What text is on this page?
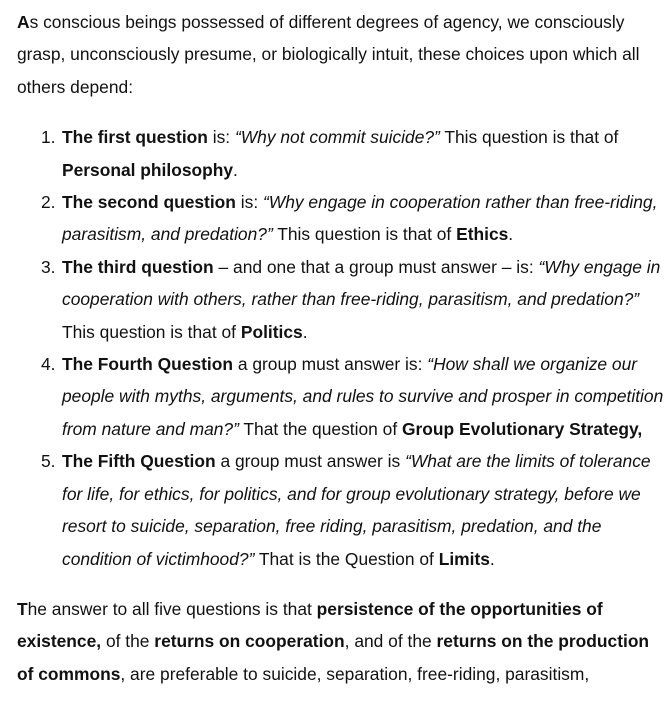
As conscious beings possessed of different degrees of agency, we consciously grasp, unconsciously presume, or biologically intuit, these choices upon which all others depend:

1. The first question is: “Why not commit suicide?” This question is that of Personal philosophy.
2. The second question is: “Why engage in cooperation rather than free-riding, parasitism, and predation?” This question is that of Ethics.
3. The third question – and one that a group must answer – is: “Why engage in cooperation with others, rather than free-riding, parasitism, and predation?” This question is that of Politics.
4. The Fourth Question a group must answer is: “How shall we organize our people with myths, arguments, and rules to survive and prosper in competition from nature and man?” That the question of Group Evolutionary Strategy,
5. The Fifth Question a group must answer is “What are the limits of tolerance for life, for ethics, for politics, and for group evolutionary strategy, before we resort to suicide, separation, free riding, parasitism, predation, and the condition of victimhood?” That is the Question of Limits.

The answer to all five questions is that persistence of the opportunities of existence, of the returns on cooperation, and of the returns on the production of commons, are preferable to suicide, separation, free-riding, parasitism,
